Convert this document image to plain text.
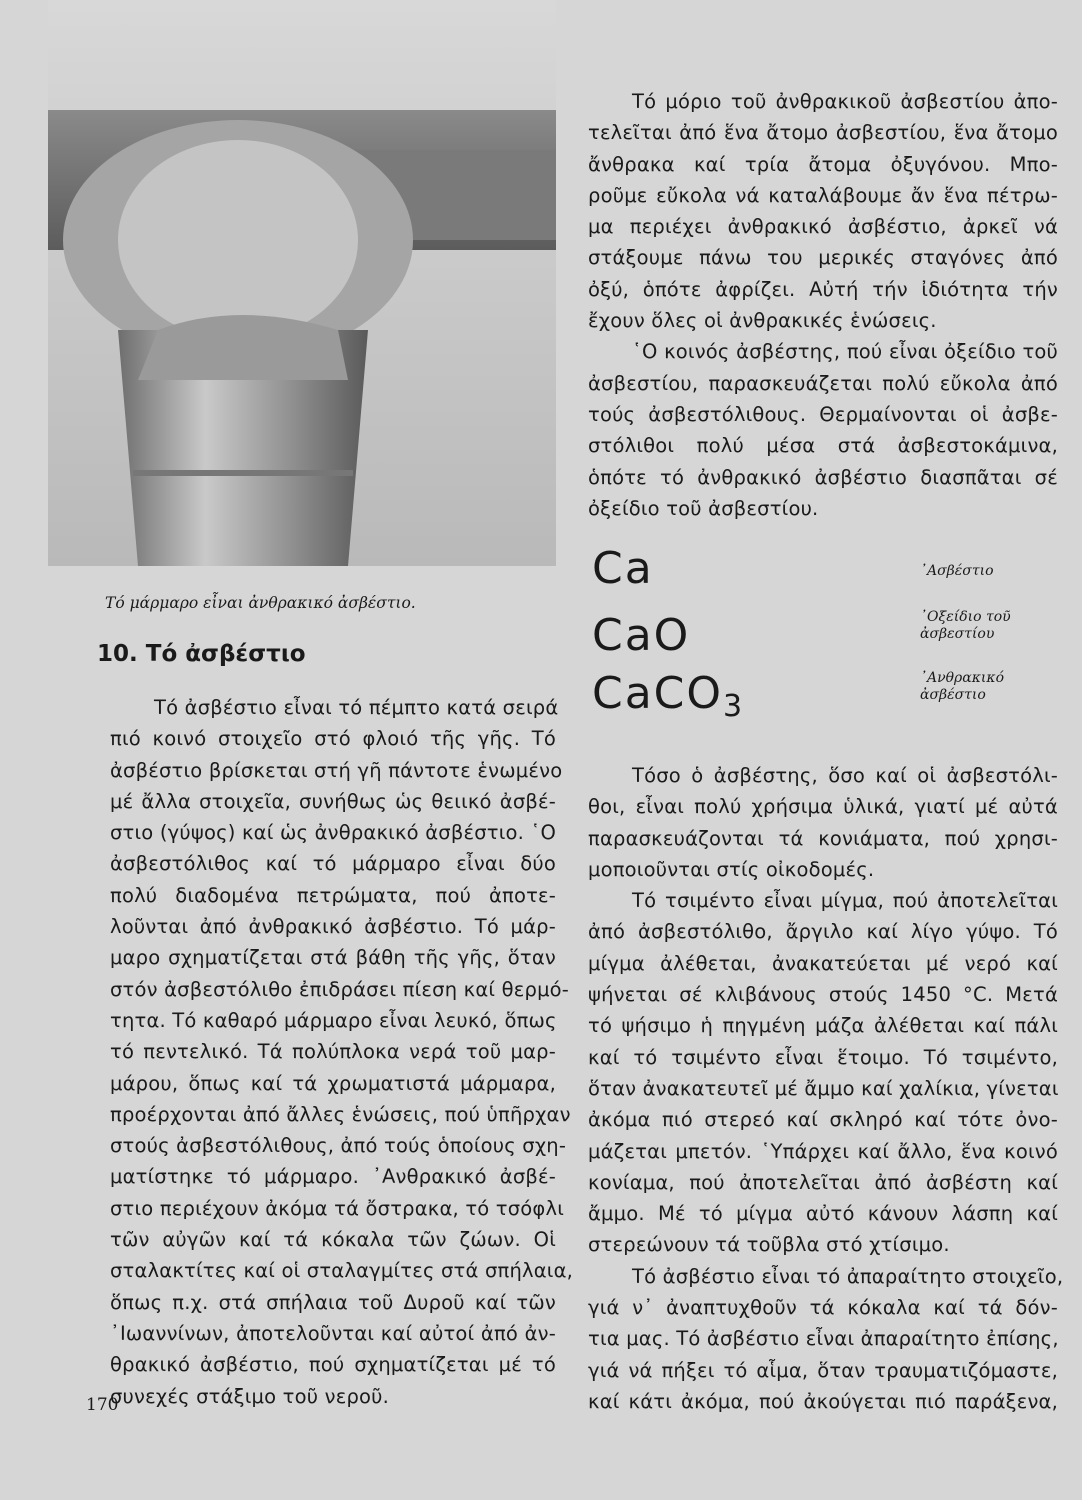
Τό μάρμαρο εἶναι ἀνθρακικό ἀσβέστιο.
10. Τό ἀσβέστιο
Τό ἀσβέστιο εἶναι τό πέμπτο κατά σειρά
πιό κοινό στοιχεῖο στό φλοιό τῆς γῆς. Τό
ἀσβέστιο βρίσκεται στή γῆ πάντοτε ἑνωμένο
μέ ἄλλα στοιχεῖα, συνήθως ὡς θειικό ἀσβέ-
στιο (γύψος) καί ὡς ἀνθρακικό ἀσβέστιο. ῾Ο
ἀσβεστόλιθος καί τό μάρμαρο εἶναι δύο
πολύ διαδομένα πετρώματα, πού ἀποτε-
λοῦνται ἀπό ἀνθρακικό ἀσβέστιο. Τό μάρ-
μαρο σχηματίζεται στά βάθη τῆς γῆς, ὅταν
στόν ἀσβεστόλιθο ἐπιδράσει πίεση καί θερμό-
τητα. Τό καθαρό μάρμαρο εἶναι λευκό, ὅπως
τό πεντελικό. Τά πολύπλοκα νερά τοῦ μαρ-
μάρου, ὅπως καί τά χρωματιστά μάρμαρα,
προέρχονται ἀπό ἄλλες ἑνώσεις, πού ὑπῆρχαν
στούς ἀσβεστόλιθους, ἀπό τούς ὁποίους σχη-
ματίστηκε τό μάρμαρο. ᾿Ανθρακικό ἀσβέ-
στιο περιέχουν ἀκόμα τά ὄστρακα, τό τσόφλι
τῶν αὐγῶν καί τά κόκαλα τῶν ζώων. Οἱ
σταλακτίτες καί οἱ σταλαγμίτες στά σπήλαια,
ὅπως π.χ. στά σπήλαια τοῦ Δυροῦ καί τῶν
᾿Ιωαννίνων, ἀποτελοῦνται καί αὐτοί ἀπό ἀν-
θρακικό ἀσβέστιο, πού σχηματίζεται μέ τό
συνεχές στάξιμο τοῦ νεροῦ.
Τό μόριο τοῦ ἀνθρακικοῦ ἀσβεστίου ἀπο-
τελεῖται ἀπό ἕνα ἄτομο ἀσβεστίου, ἕνα ἄτομο
ἄνθρακα καί τρία ἄτομα ὀξυγόνου. Μπο-
ροῦμε εὔκολα νά καταλάβουμε ἄν ἕνα πέτρω-
μα περιέχει ἀνθρακικό ἀσβέστιο, ἀρκεῖ νά
στάξουμε πάνω του μερικές σταγόνες ἀπό
ὀξύ, ὁπότε ἀφρίζει. Αὐτή τήν ἰδιότητα τήν
ἔχουν ὅλες οἱ ἀνθρακικές ἑνώσεις.
῾Ο κοινός ἀσβέστης, πού εἶναι ὀξείδιο τοῦ
ἀσβεστίου, παρασκευάζεται πολύ εὔκολα ἀπό
τούς ἀσβεστόλιθους. Θερμαίνονται οἱ ἀσβε-
στόλιθοι πολύ μέσα στά ἀσβεστοκάμινα,
ὁπότε τό ἀνθρακικό ἀσβέστιο διασπᾶται σέ
ὀξείδιο τοῦ ἀσβεστίου.
Ca	᾿Ασβέστιο
CaO	᾿Οξείδιο τοῦ
ἀσβεστίου
CaCO$_3$
᾿Ανθρακικό
ἀσβέστιο
Τόσο ὁ ἀσβέστης, ὅσο καί οἱ ἀσβεστόλι-
θοι, εἶναι πολύ χρήσιμα ὑλικά, γιατί μέ αὐτά
παρασκευάζονται τά κονιάματα, πού χρησι-
μοποιοῦνται στίς οἰκοδομές.
Τό τσιμέντο εἶναι μίγμα, πού ἀποτελεῖται
ἀπό ἀσβεστόλιθο, ἄργιλο καί λίγο γύψο. Τό
μίγμα ἀλέθεται, ἀνακατεύεται μέ νερό καί
ψήνεται σέ κλιβάνους στούς 1450 °C. Μετά
τό ψήσιμο ἡ πηγμένη μάζα ἀλέθεται καί πάλι
καί τό τσιμέντο εἶναι ἕτοιμο. Τό τσιμέντο,
ὅταν ἀνακατευτεῖ μέ ἄμμο καί χαλίκια, γίνεται
ἀκόμα πιό στερεό καί σκληρό καί τότε ὀνο-
μάζεται μπετόν. ῾Υπάρχει καί ἄλλο, ἕνα κοινό
κονίαμα, πού ἀποτελεῖται ἀπό ἀσβέστη καί
ἄμμο. Μέ τό μίγμα αὐτό κάνουν λάσπη καί
στερεώνουν τά τοῦβλα στό χτίσιμο.
Τό ἀσβέστιο εἶναι τό ἀπαραίτητο στοιχεῖο,
γιά ν᾿ ἀναπτυχθοῦν τά κόκαλα καί τά δόν-
τια μας. Τό ἀσβέστιο εἶναι ἀπαραίτητο ἐπίσης,
γιά νά πήξει τό αἷμα, ὅταν τραυματιζόμαστε,
καί κάτι ἀκόμα, πού ἀκούγεται πιό παράξενα,
170
